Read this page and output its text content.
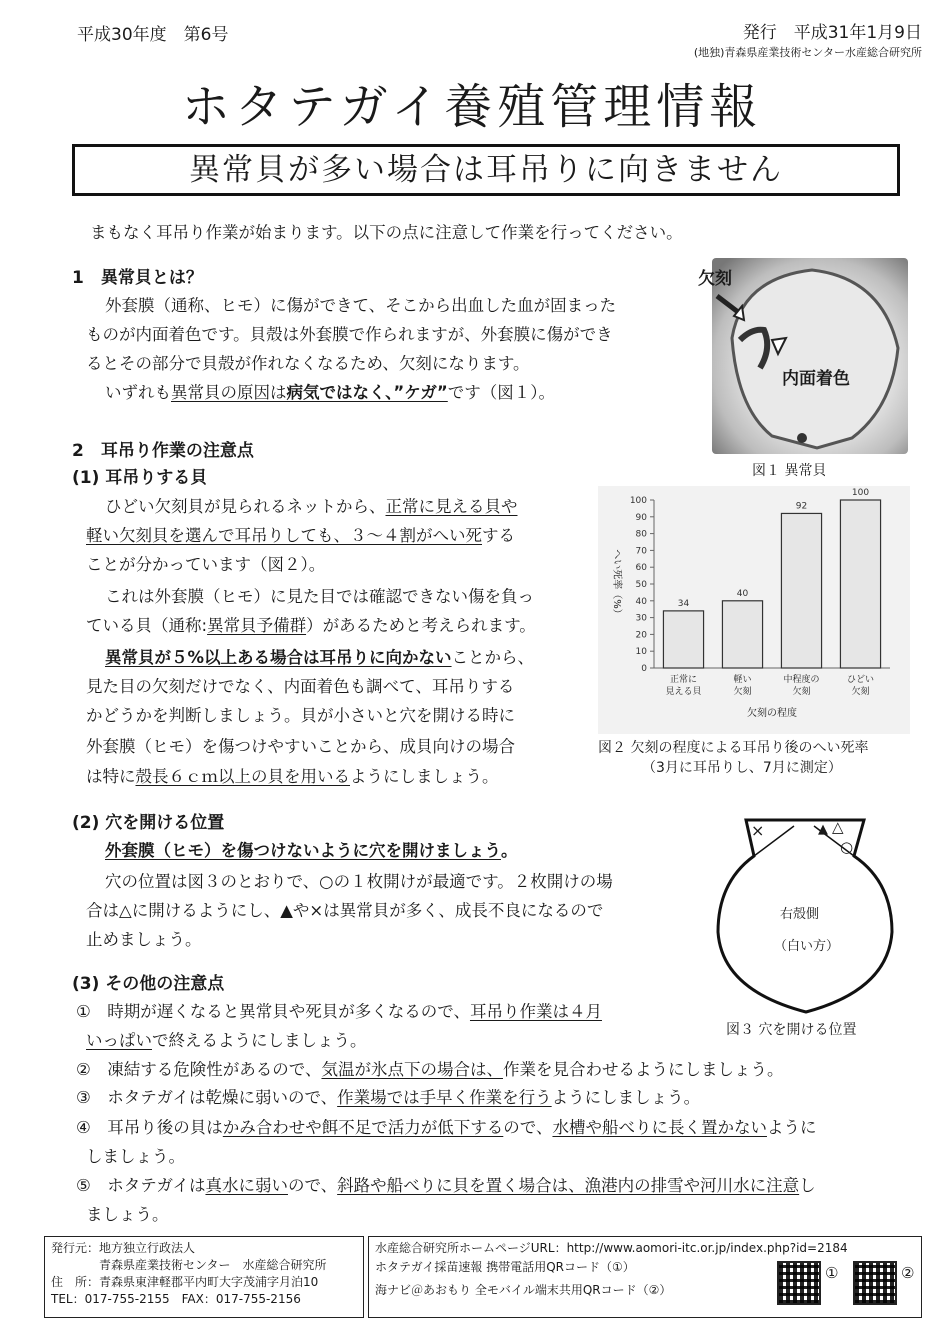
平成30年度　第6号	発行　平成31年1月9日
(地独)青森県産業技術センター水産総合研究所
ホタテガイ養殖管理情報
異常貝が多い場合は耳吊りに向きません
まもなく耳吊り作業が始まります。以下の点に注意して作業を行ってください。
1　異常貝とは？
外套膜（通称、ヒモ）に傷ができて、そこから出血した血が固まった
ものが内面着色です。貝殻は外套膜で作られますが、外套膜に傷ができ
るとその部分で貝殻が作れなくなるため、欠刻になります。
いずれも異常貝の原因は病気ではなく、”ケガ”です（図１）。
欠刻
内面着色
図１ 異常貝
2　耳吊り作業の注意点
(1) 耳吊りする貝
ひどい欠刻貝が見られるネットから、正常に見える貝や
軽い欠刻貝を選んで耳吊りしても、３～４割がへい死する
ことが分かっています（図２）。
これは外套膜（ヒモ）に見た目では確認できない傷を負っ
ている貝（通称:異常貝予備群）があるためと考えられます。
異常貝が５%以上ある場合は耳吊りに向かないことから、
見た目の欠刻だけでなく、内面着色も調べて、耳吊りする
かどうかを判断しましょう。貝が小さいと穴を開ける時に
外套膜（ヒモ）を傷つけやすいことから、成貝向けの場合
は特に殻長６ｃｍ以上の貝を用いるようにしましょう。
0
10
20
30
40
50
60
70
80
90
100
34
正常に
見える貝
40
軽い
欠刻
92
中程度の
欠刻
100
ひどい
欠刻
欠刻の程度
へい死率（%）
図２ 欠刻の程度による耳吊り後のへい死率
（3月に耳吊りし、7月に測定）
(2) 穴を開ける位置
外套膜（ヒモ）を傷つけないように穴を開けましょう。
穴の位置は図３のとおりで、○の１枚開けが最適です。２枚開けの場
合は△に開けるようにし、▲や×は異常貝が多く、成長不良になるので
止めましょう。
×	▲ △
○
右殻側
（白い方）
図３ 穴を開ける位置
(3) その他の注意点
①　時期が遅くなると異常貝や死貝が多くなるので、耳吊り作業は４月
いっぱいで終えるようにしましょう。
②　凍結する危険性があるので、気温が氷点下の場合は、作業を見合わせるようにしましょう。
③　ホタテガイは乾燥に弱いので、作業場では手早く作業を行うようにしましょう。
④　耳吊り後の貝はかみ合わせや餌不足で活力が低下するので、水槽や船べりに長く置かないように
しましょう。
⑤　ホタテガイは真水に弱いので、斜路や船べりに貝を置く場合は、漁港内の排雪や河川水に注意し
ましょう。
発行元：地方独立行政法人
　　　　青森県産業技術センター　水産総合研究所
住　所：青森県東津軽郡平内町大字茂浦字月泊10
TEL：017-755-2155　FAX：017-755-2156
水産総合研究所ホームページURL：http://www.aomori-itc.or.jp/index.php?id=2184
ホタテガイ採苗速報 携帯電話用QRコード（①）
海ナビ＠あおもり 全モバイル端末共用QRコード（②）
①	②
